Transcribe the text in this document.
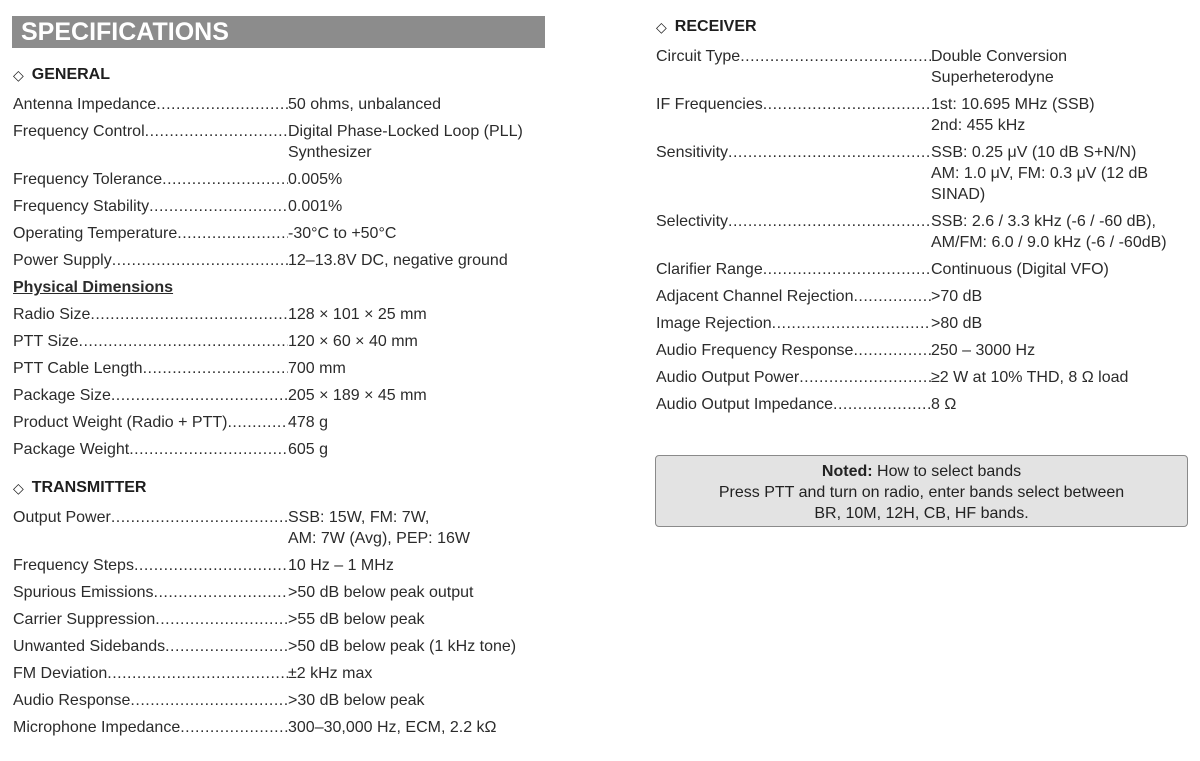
SPECIFICATIONS
◇ GENERAL
Antenna Impedance .....	50 ohms, unbalanced
Frequency Control .....	Digital Phase-Locked Loop (PLL)
Synthesizer
Frequency Tolerance .....	0.005%
Frequency Stability .....	0.001%
Operating Temperature .....	-30°C to +50°C
Power Supply .....	12–13.8V DC, negative ground
Physical Dimensions
Radio Size .....	128 × 101 × 25 mm
PTT Size .....	120 × 60 × 40 mm
PTT Cable Length .....	700 mm
Package Size .....	205 × 189 × 45 mm
Product Weight (Radio + PTT) .....	478 g
Package Weight .....	605 g
◇ TRANSMITTER
Output Power .....	SSB: 15W, FM: 7W,
AM: 7W (Avg), PEP: 16W
Frequency Steps .....	10 Hz – 1 MHz
Spurious Emissions .....	>50 dB below peak output
Carrier Suppression .....	>55 dB below peak
Unwanted Sidebands .....	>50 dB below peak (1 kHz tone)
FM Deviation .....	±2 kHz max
Audio Response .....	>30 dB below peak
Microphone Impedance .....	300–30,000 Hz, ECM, 2.2 kΩ
◇ RECEIVER
Circuit Type .....	Double Conversion
Superheterodyne
IF Frequencies .....	1st: 10.695 MHz (SSB)
2nd: 455 kHz
Sensitivity .....	SSB: 0.25 μV (10 dB S+N/N)
AM: 1.0 μV, FM: 0.3 μV (12 dB
SINAD)
Selectivity .....	SSB: 2.6 / 3.3 kHz (-6 / -60 dB),
AM/FM: 6.0 / 9.0 kHz (-6 / -60dB)
Clarifier Range .....	Continuous (Digital VFO)
Adjacent Channel Rejection .....	>70 dB
Image Rejection .....	>80 dB
Audio Frequency Response .....	250 – 3000 Hz
Audio Output Power .....	≥2 W at 10% THD, 8 Ω load
Audio Output Impedance .....	8 Ω
Noted: How to select bands
Press PTT and turn on radio, enter bands select between
BR, 10M, 12H, CB, HF bands.
